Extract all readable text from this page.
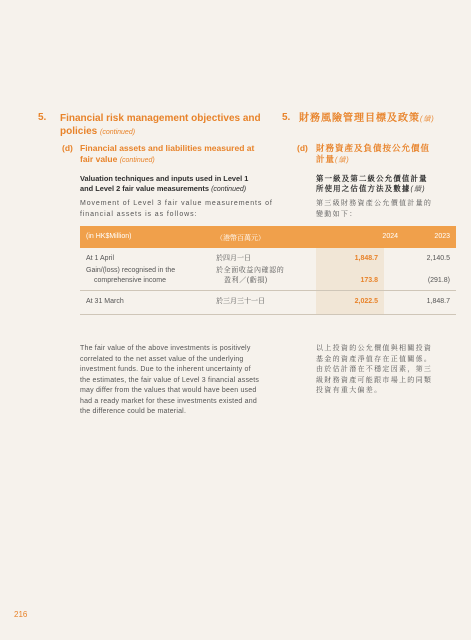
5. Financial risk management objectives and
policies (continued)
5. 財務風險管理目標及政策(續)
(d) Financial assets and liabilities measured at
fair value (continued)
(d) 財務資產及負債按公允價值
計量(續)
Valuation techniques and inputs used in Level 1
and Level 2 fair value measurements (continued)
第一級及第二級公允價值計量
所使用之估值方法及數據(續)
Movement of Level 3 fair value measurements of
financial assets is as follows:
第三級財務資產公允價值計量的
變動如下：
(in HK$Million)	（港幣百萬元）	2024	2023
At 1 April	於四月一日	1,848.7	2,140.5
Gain/(loss) recognised in the
comprehensive income
於全面收益內確認的
盈利／(虧損)	173.8	(291.8)
At 31 March	於三月三十一日	2,022.5	1,848.7
The fair value of the above investments is positively
correlated to the net asset value of the underlying
investment funds. Due to the inherent uncertainty of
the estimates, the fair value of Level 3 financial assets
may differ from the values that would have been used
had a ready market for these investments existed and
the difference could be material.
以上投資的公允價值與相關投資
基金的資產淨值存在正值關係。
由於估計潛在不穩定因素，第三
級財務資產可能跟市場上的同類
投資有重大偏差。
216
